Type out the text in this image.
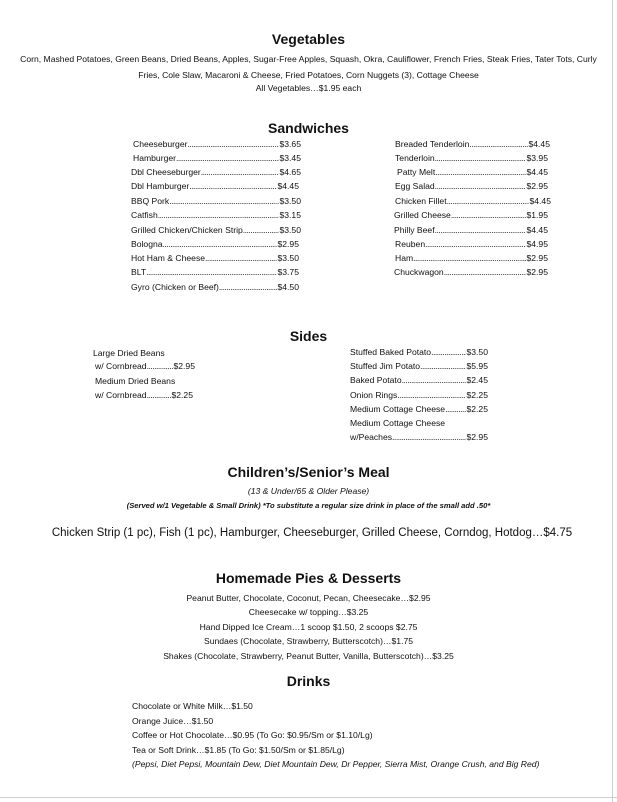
Vegetables
Corn, Mashed Potatoes, Green Beans, Dried Beans, Apples, Sugar-Free Apples, Squash, Okra, Cauliflower, French Fries, Steak Fries, Tater Tots, Curly Fries, Cole Slaw, Macaroni & Cheese, Fried Potatoes, Corn Nuggets (3), Cottage Cheese
All Vegetables…$1.95 each
Sandwiches
Cheeseburger .....	$3.65
Hamburger .....	$3.45
Dbl Cheeseburger .....	$4.65
Dbl Hamburger .....	$4.45
BBQ Pork .....	$3.50
Catfish .....	$3.15
Grilled Chicken/Chicken Strip .....	$3.50
Bologna .....	$2.95
Hot Ham & Cheese .....	$3.50
BLT .....	$3.75
Gyro (Chicken or Beef) .....	$4.50
Breaded Tenderloin .....	$4.45
Tenderloin .....	$3.95
Patty Melt .....	$4.45
Egg Salad .....	$2.95
Chicken Fillet .....	$4.45
Grilled Cheese .....	$1.95
Philly Beef .....	$4.45
Reuben .....	$4.95
Ham .....	$2.95
Chuckwagon .....	$2.95
Sides
Large Dried Beans
w/ Cornbread .....	$2.95
Medium Dried Beans
w/ Cornbread .....	$2.25
Stuffed Baked Potato .....	$3.50
Stuffed Jim Potato .....	$5.95
Baked Potato .....	$2.45
Onion Rings .....	$2.25
Medium Cottage Cheese ..... $2.25
Medium Cottage Cheese
w/Peaches .....	$2.95
Children’s/Senior’s Meal
(13 & Under/65 & Older Please)
(Served w/1 Vegetable & Small Drink) *To substitute a regular size drink in place of the small add .50*
Chicken Strip (1 pc), Fish (1 pc), Hamburger, Cheeseburger, Grilled Cheese, Corndog, Hotdog…$4.75
Homemade Pies & Desserts
Peanut Butter, Chocolate, Coconut, Pecan, Cheesecake…$2.95
Cheesecake w/ topping…$3.25
Hand Dipped Ice Cream…1 scoop $1.50, 2 scoops $2.75
Sundaes (Chocolate, Strawberry, Butterscotch)…$1.75
Shakes (Chocolate, Strawberry, Peanut Butter, Vanilla, Butterscotch)…$3.25
Drinks
Chocolate or White Milk…$1.50
Orange Juice…$1.50
Coffee or Hot Chocolate…$0.95 (To Go: $0.95/Sm or $1.10/Lg)
Tea or Soft Drink…$1.85 (To Go: $1.50/Sm or $1.85/Lg)
(Pepsi, Diet Pepsi, Mountain Dew, Diet Mountain Dew, Dr Pepper, Sierra Mist, Orange Crush, and Big Red)
